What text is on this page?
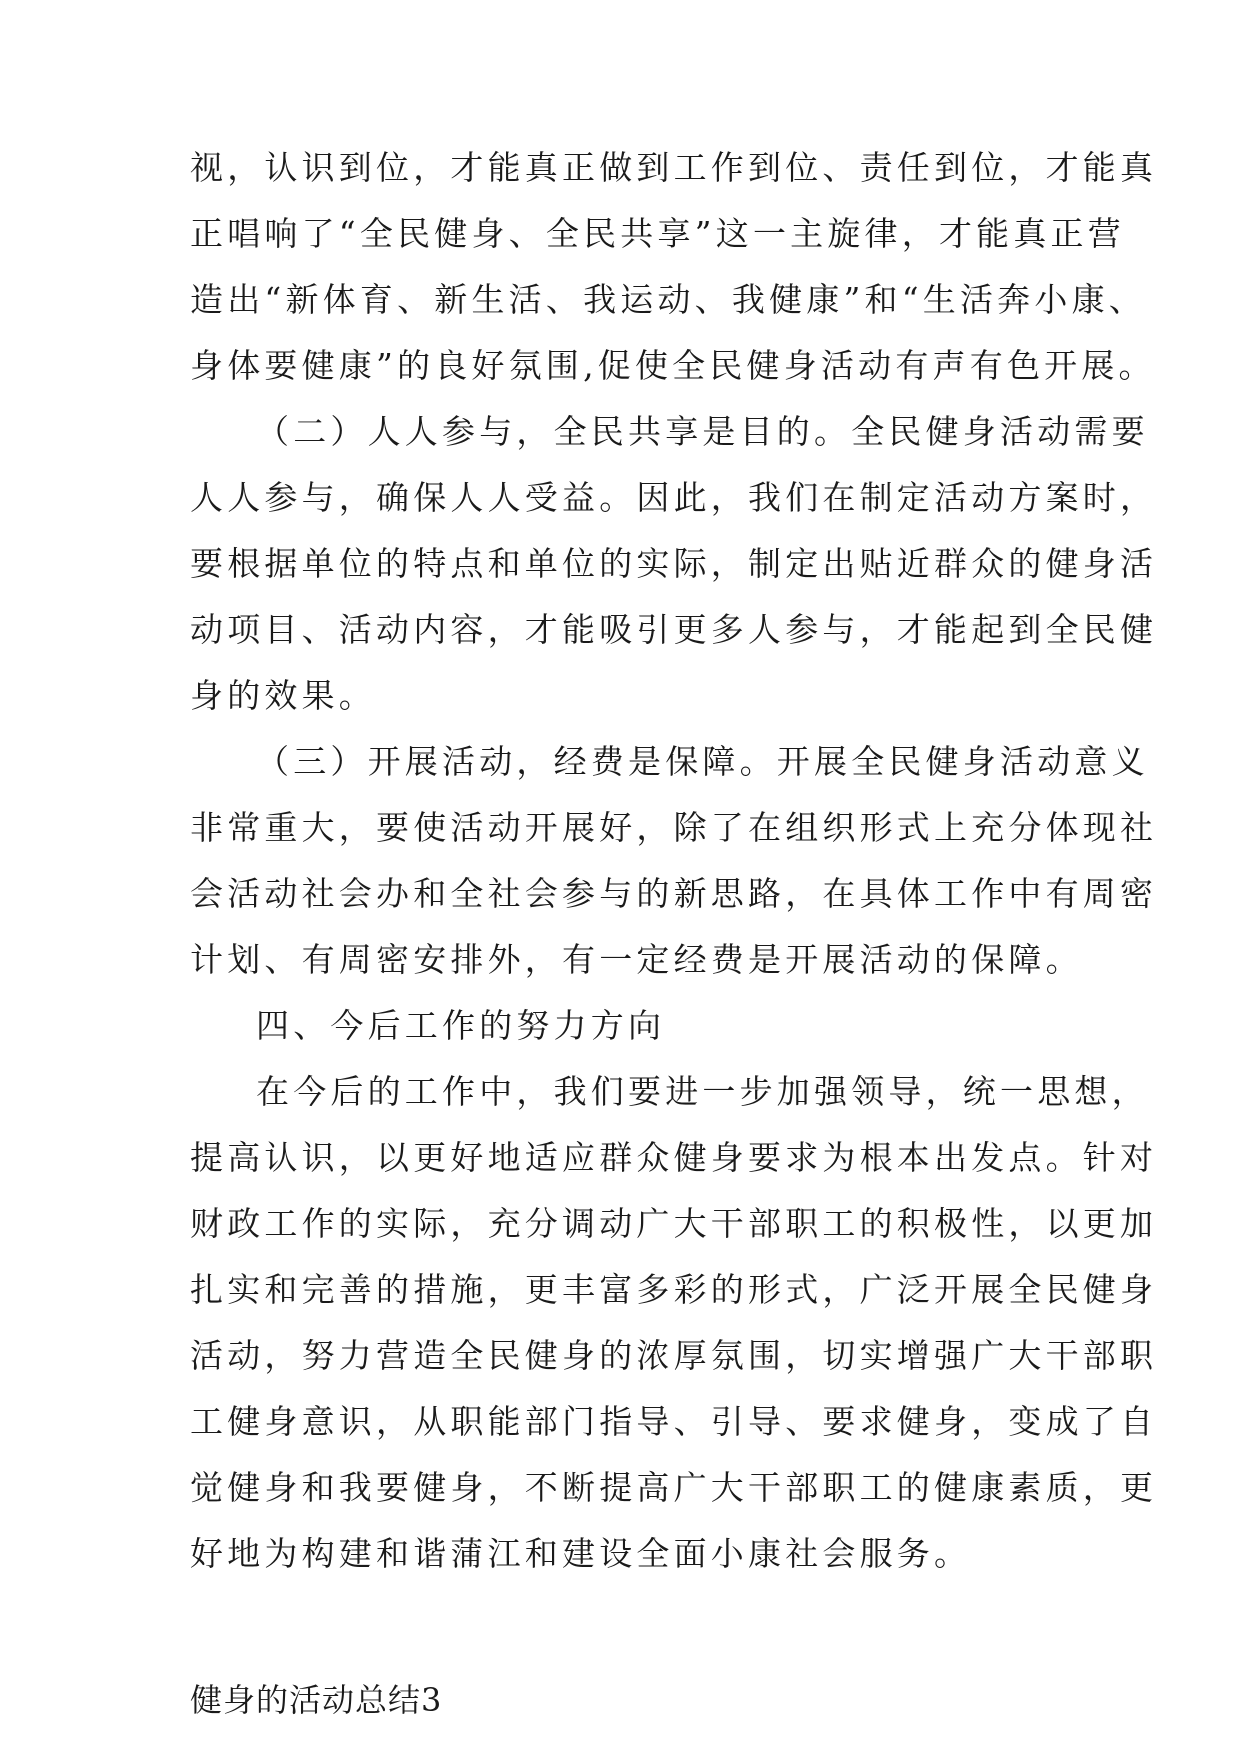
视，认识到位，才能真正做到工作到位、责任到位，才能真
正唱响了“全民健身、全民共享”这一主旋律，才能真正营
造出“新体育、新生活、我运动、我健康”和“生活奔小康、
身体要健康”的良好氛围,促使全民健身活动有声有色开展。
（二）人人参与，全民共享是目的。全民健身活动需要
人人参与，确保人人受益。因此，我们在制定活动方案时，
要根据单位的特点和单位的实际，制定出贴近群众的健身活
动项目、活动内容，才能吸引更多人参与，才能起到全民健
身的效果。
（三）开展活动，经费是保障。开展全民健身活动意义
非常重大，要使活动开展好，除了在组织形式上充分体现社
会活动社会办和全社会参与的新思路，在具体工作中有周密
计划、有周密安排外，有一定经费是开展活动的保障。
四、今后工作的努力方向
在今后的工作中，我们要进一步加强领导，统一思想，
提高认识，以更好地适应群众健身要求为根本出发点。针对
财政工作的实际，充分调动广大干部职工的积极性，以更加
扎实和完善的措施，更丰富多彩的形式，广泛开展全民健身
活动，努力营造全民健身的浓厚氛围，切实增强广大干部职
工健身意识，从职能部门指导、引导、要求健身，变成了自
觉健身和我要健身，不断提高广大干部职工的健康素质，更
好地为构建和谐蒲江和建设全面小康社会服务。
健身的活动总结3
